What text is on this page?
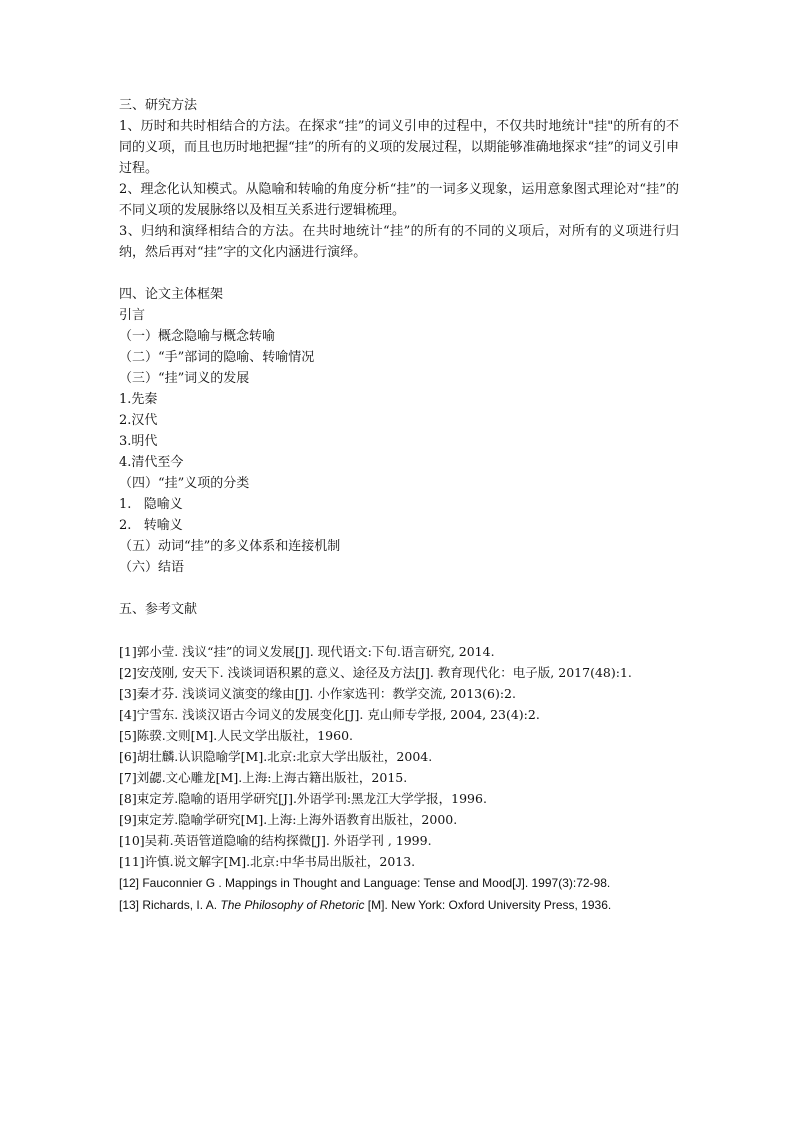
三、研究方法
1、历时和共时相结合的方法。在探求“挂”的词义引申的过程中，不仅共时地统计"挂"的所有的不同的义项，而且也历时地把握“挂”的所有的义项的发展过程，以期能够准确地探求“挂”的词义引申过程。
2、理念化认知模式。从隐喻和转喻的角度分析“挂”的一词多义现象，运用意象图式理论对“挂”的不同义项的发展脉络以及相互关系进行逻辑梳理。
3、归纳和演绎相结合的方法。在共时地统计“挂”的所有的不同的义项后，对所有的义项进行归纳，然后再对“挂”字的文化内涵进行演绎。
四、论文主体框架
引言
（一）概念隐喻与概念转喻
（二）“手”部词的隐喻、转喻情况
（三）“挂”词义的发展
1.先秦
2.汉代
3.明代
4.清代至今
（四）“挂”义项的分类
1.   隐喻义
2.   转喻义
（五）动词“挂”的多义体系和连接机制
（六）结语
五、参考文献
[1]郭小莹. 浅议“挂”的词义发展[J]. 现代语文:下旬.语言研究, 2014.
[2]安茂刚, 安天下. 浅谈词语积累的意义、途径及方法[J]. 教育现代化：电子版, 2017(48):1.
[3]秦才芬. 浅谈词义演变的缘由[J]. 小作家选刊：教学交流, 2013(6):2.
[4]宁雪东. 浅谈汉语古今词义的发展变化[J]. 克山师专学报, 2004, 23(4):2.
[5]陈骙.文则[M].人民文学出版社，1960.
[6]胡壮麟.认识隐喻学[M].北京:北京大学出版社，2004.
[7]刘勰.文心雕龙[M].上海:上海古籍出版社，2015.
[8]束定芳.隐喻的语用学研究[J].外语学刊:黑龙江大学学报，1996.
[9]束定芳.隐喻学研究[M].上海:上海外语教育出版社，2000.
[10]吴莉.英语管道隐喻的结构探微[J]. 外语学刊 , 1999.
[11]许慎.说文解字[M].北京:中华书局出版社，2013.
[12] Fauconnier G . Mappings in Thought and Language: Tense and Mood[J]. 1997(3):72-98.
[13] Richards, I. A. The Philosophy of Rhetoric [M]. New York: Oxford University Press, 1936.
